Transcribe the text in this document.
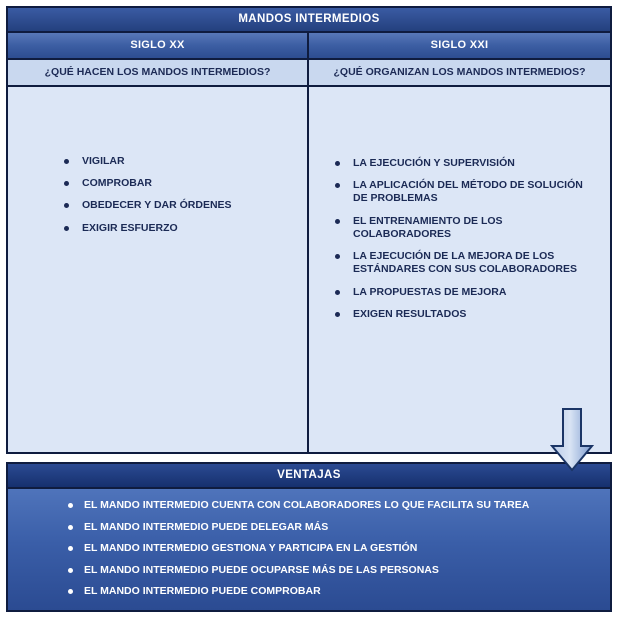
MANDOS INTERMEDIOS
SIGLO XX	SIGLO XXI
¿QUÉ HACEN LOS MANDOS INTERMEDIOS?	¿QUÉ ORGANIZAN LOS MANDOS INTERMEDIOS?
VIGILAR
COMPROBAR
OBEDECER Y DAR ÓRDENES
EXIGIR ESFUERZO
LA EJECUCIÓN Y SUPERVISIÓN
LA APLICACIÓN DEL MÉTODO DE SOLUCIÓN DE PROBLEMAS
EL ENTRENAMIENTO DE LOS COLABORADORES
LA EJECUCIÓN DE LA MEJORA DE LOS ESTÁNDARES CON SUS COLABORADORES
LA PROPUESTAS DE MEJORA
EXIGEN RESULTADOS
VENTAJAS
EL MANDO INTERMEDIO CUENTA CON COLABORADORES LO QUE FACILITA SU TAREA
EL MANDO INTERMEDIO PUEDE DELEGAR MÁS
EL MANDO INTERMEDIO GESTIONA Y PARTICIPA EN LA GESTIÓN
EL MANDO INTERMEDIO PUEDE OCUPARSE MÁS DE LAS PERSONAS
EL MANDO INTERMEDIO PUEDE COMPROBAR
